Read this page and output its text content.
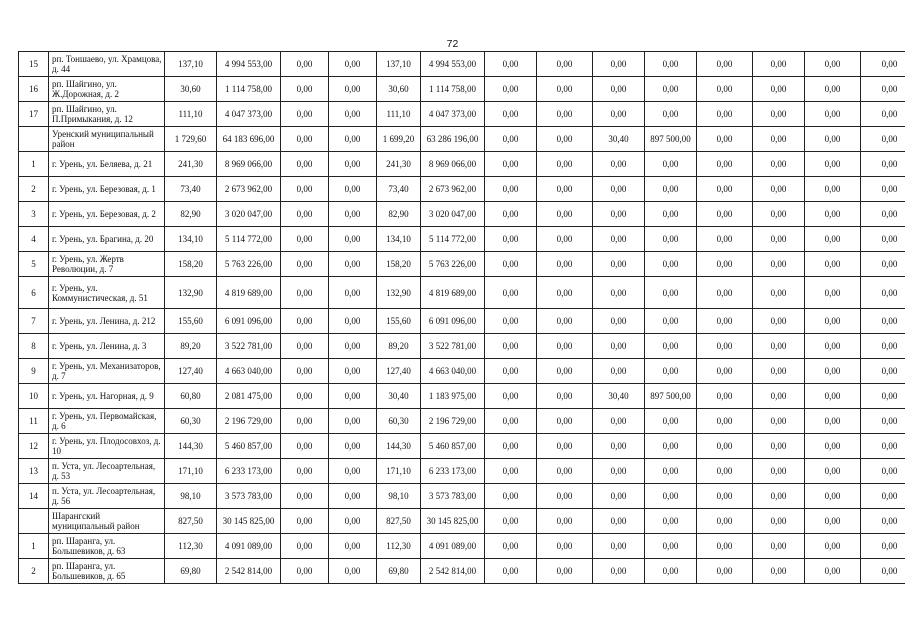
72
15	рп. Тоншаево, ул. Храмцова, д. 44	137,10	4 994 553,00	0,00	0,00	137,10	4 994 553,00	0,00	0,00	0,00	0,00	0,00	0,00	0,00	0,00
16	рп. Шайгино, ул. Ж.Дорожная, д. 2	30,60	1 114 758,00	0,00	0,00	30,60	1 114 758,00	0,00	0,00	0,00	0,00	0,00	0,00	0,00	0,00
17	рп. Шайгино, ул. П.Примыкания, д. 12	111,10	4 047 373,00	0,00	0,00	111,10	4 047 373,00	0,00	0,00	0,00	0,00	0,00	0,00	0,00	0,00
	Уренский муниципальный район	1 729,60	64 183 696,00	0,00	0,00	1 699,20	63 286 196,00	0,00	0,00	30,40	897 500,00	0,00	0,00	0,00	0,00
1	г. Урень, ул. Беляева, д. 21	241,30	8 969 066,00	0,00	0,00	241,30	8 969 066,00	0,00	0,00	0,00	0,00	0,00	0,00	0,00	0,00
2	г. Урень, ул. Березовая, д. 1	73,40	2 673 962,00	0,00	0,00	73,40	2 673 962,00	0,00	0,00	0,00	0,00	0,00	0,00	0,00	0,00
3	г. Урень, ул. Березовая, д. 2	82,90	3 020 047,00	0,00	0,00	82,90	3 020 047,00	0,00	0,00	0,00	0,00	0,00	0,00	0,00	0,00
4	г. Урень, ул. Брагина, д. 20	134,10	5 114 772,00	0,00	0,00	134,10	5 114 772,00	0,00	0,00	0,00	0,00	0,00	0,00	0,00	0,00
5	г. Урень, ул. Жертв Революции, д. 7	158,20	5 763 226,00	0,00	0,00	158,20	5 763 226,00	0,00	0,00	0,00	0,00	0,00	0,00	0,00	0,00
6	г. Урень, ул. Коммунистическая, д. 51	132,90	4 819 689,00	0,00	0,00	132,90	4 819 689,00	0,00	0,00	0,00	0,00	0,00	0,00	0,00	0,00
7	г. Урень, ул. Ленина, д. 212	155,60	6 091 096,00	0,00	0,00	155,60	6 091 096,00	0,00	0,00	0,00	0,00	0,00	0,00	0,00	0,00
8	г. Урень, ул. Ленина, д. 3	89,20	3 522 781,00	0,00	0,00	89,20	3 522 781,00	0,00	0,00	0,00	0,00	0,00	0,00	0,00	0,00
9	г. Урень, ул. Механизаторов, д. 7	127,40	4 663 040,00	0,00	0,00	127,40	4 663 040,00	0,00	0,00	0,00	0,00	0,00	0,00	0,00	0,00
10	г. Урень, ул. Нагорная, д. 9	60,80	2 081 475,00	0,00	0,00	30,40	1 183 975,00	0,00	0,00	30,40	897 500,00	0,00	0,00	0,00	0,00
11	г. Урень, ул. Первомайская, д. 6	60,30	2 196 729,00	0,00	0,00	60,30	2 196 729,00	0,00	0,00	0,00	0,00	0,00	0,00	0,00	0,00
12	г. Урень, ул. Плодосовхоз, д. 10	144,30	5 460 857,00	0,00	0,00	144,30	5 460 857,00	0,00	0,00	0,00	0,00	0,00	0,00	0,00	0,00
13	п. Уста, ул. Лесоартельная, д. 53	171,10	6 233 173,00	0,00	0,00	171,10	6 233 173,00	0,00	0,00	0,00	0,00	0,00	0,00	0,00	0,00
14	п. Уста, ул. Лесоартельная, д. 56	98,10	3 573 783,00	0,00	0,00	98,10	3 573 783,00	0,00	0,00	0,00	0,00	0,00	0,00	0,00	0,00
	Шарангский муниципальный район	827,50	30 145 825,00	0,00	0,00	827,50	30 145 825,00	0,00	0,00	0,00	0,00	0,00	0,00	0,00	0,00
1	рп. Шаранга, ул. Большевиков, д. 63	112,30	4 091 089,00	0,00	0,00	112,30	4 091 089,00	0,00	0,00	0,00	0,00	0,00	0,00	0,00	0,00
2	рп. Шаранга, ул. Большевиков, д. 65	69,80	2 542 814,00	0,00	0,00	69,80	2 542 814,00	0,00	0,00	0,00	0,00	0,00	0,00	0,00	0,00
